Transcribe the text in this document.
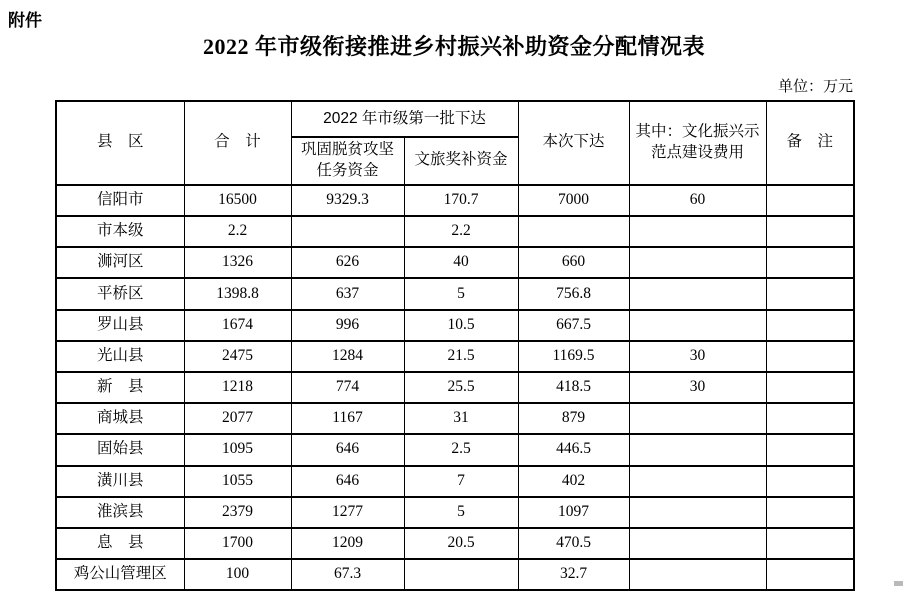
附件
2022 年市级衔接推进乡村振兴补助资金分配情况表
单位：万元
县　区	合　计	2022 年市级第一批下达		本次下达	其中：文化振兴示范点建设费用	备　注
		巩固脱贫攻坚任务资金	文旅奖补资金			
信阳市	16500	9329.3	170.7	7000	60	
市本级	2.2		2.2			
浉河区	1326	626	40	660		
平桥区	1398.8	637	5	756.8		
罗山县	1674	996	10.5	667.5		
光山县	2475	1284	21.5	1169.5	30	
新　县	1218	774	25.5	418.5	30	
商城县	2077	1167	31	879		
固始县	1095	646	2.5	446.5		
潢川县	1055	646	7	402		
淮滨县	2379	1277	5	1097		
息　县	1700	1209	20.5	470.5		
鸡公山管理区	100	67.3		32.7		
